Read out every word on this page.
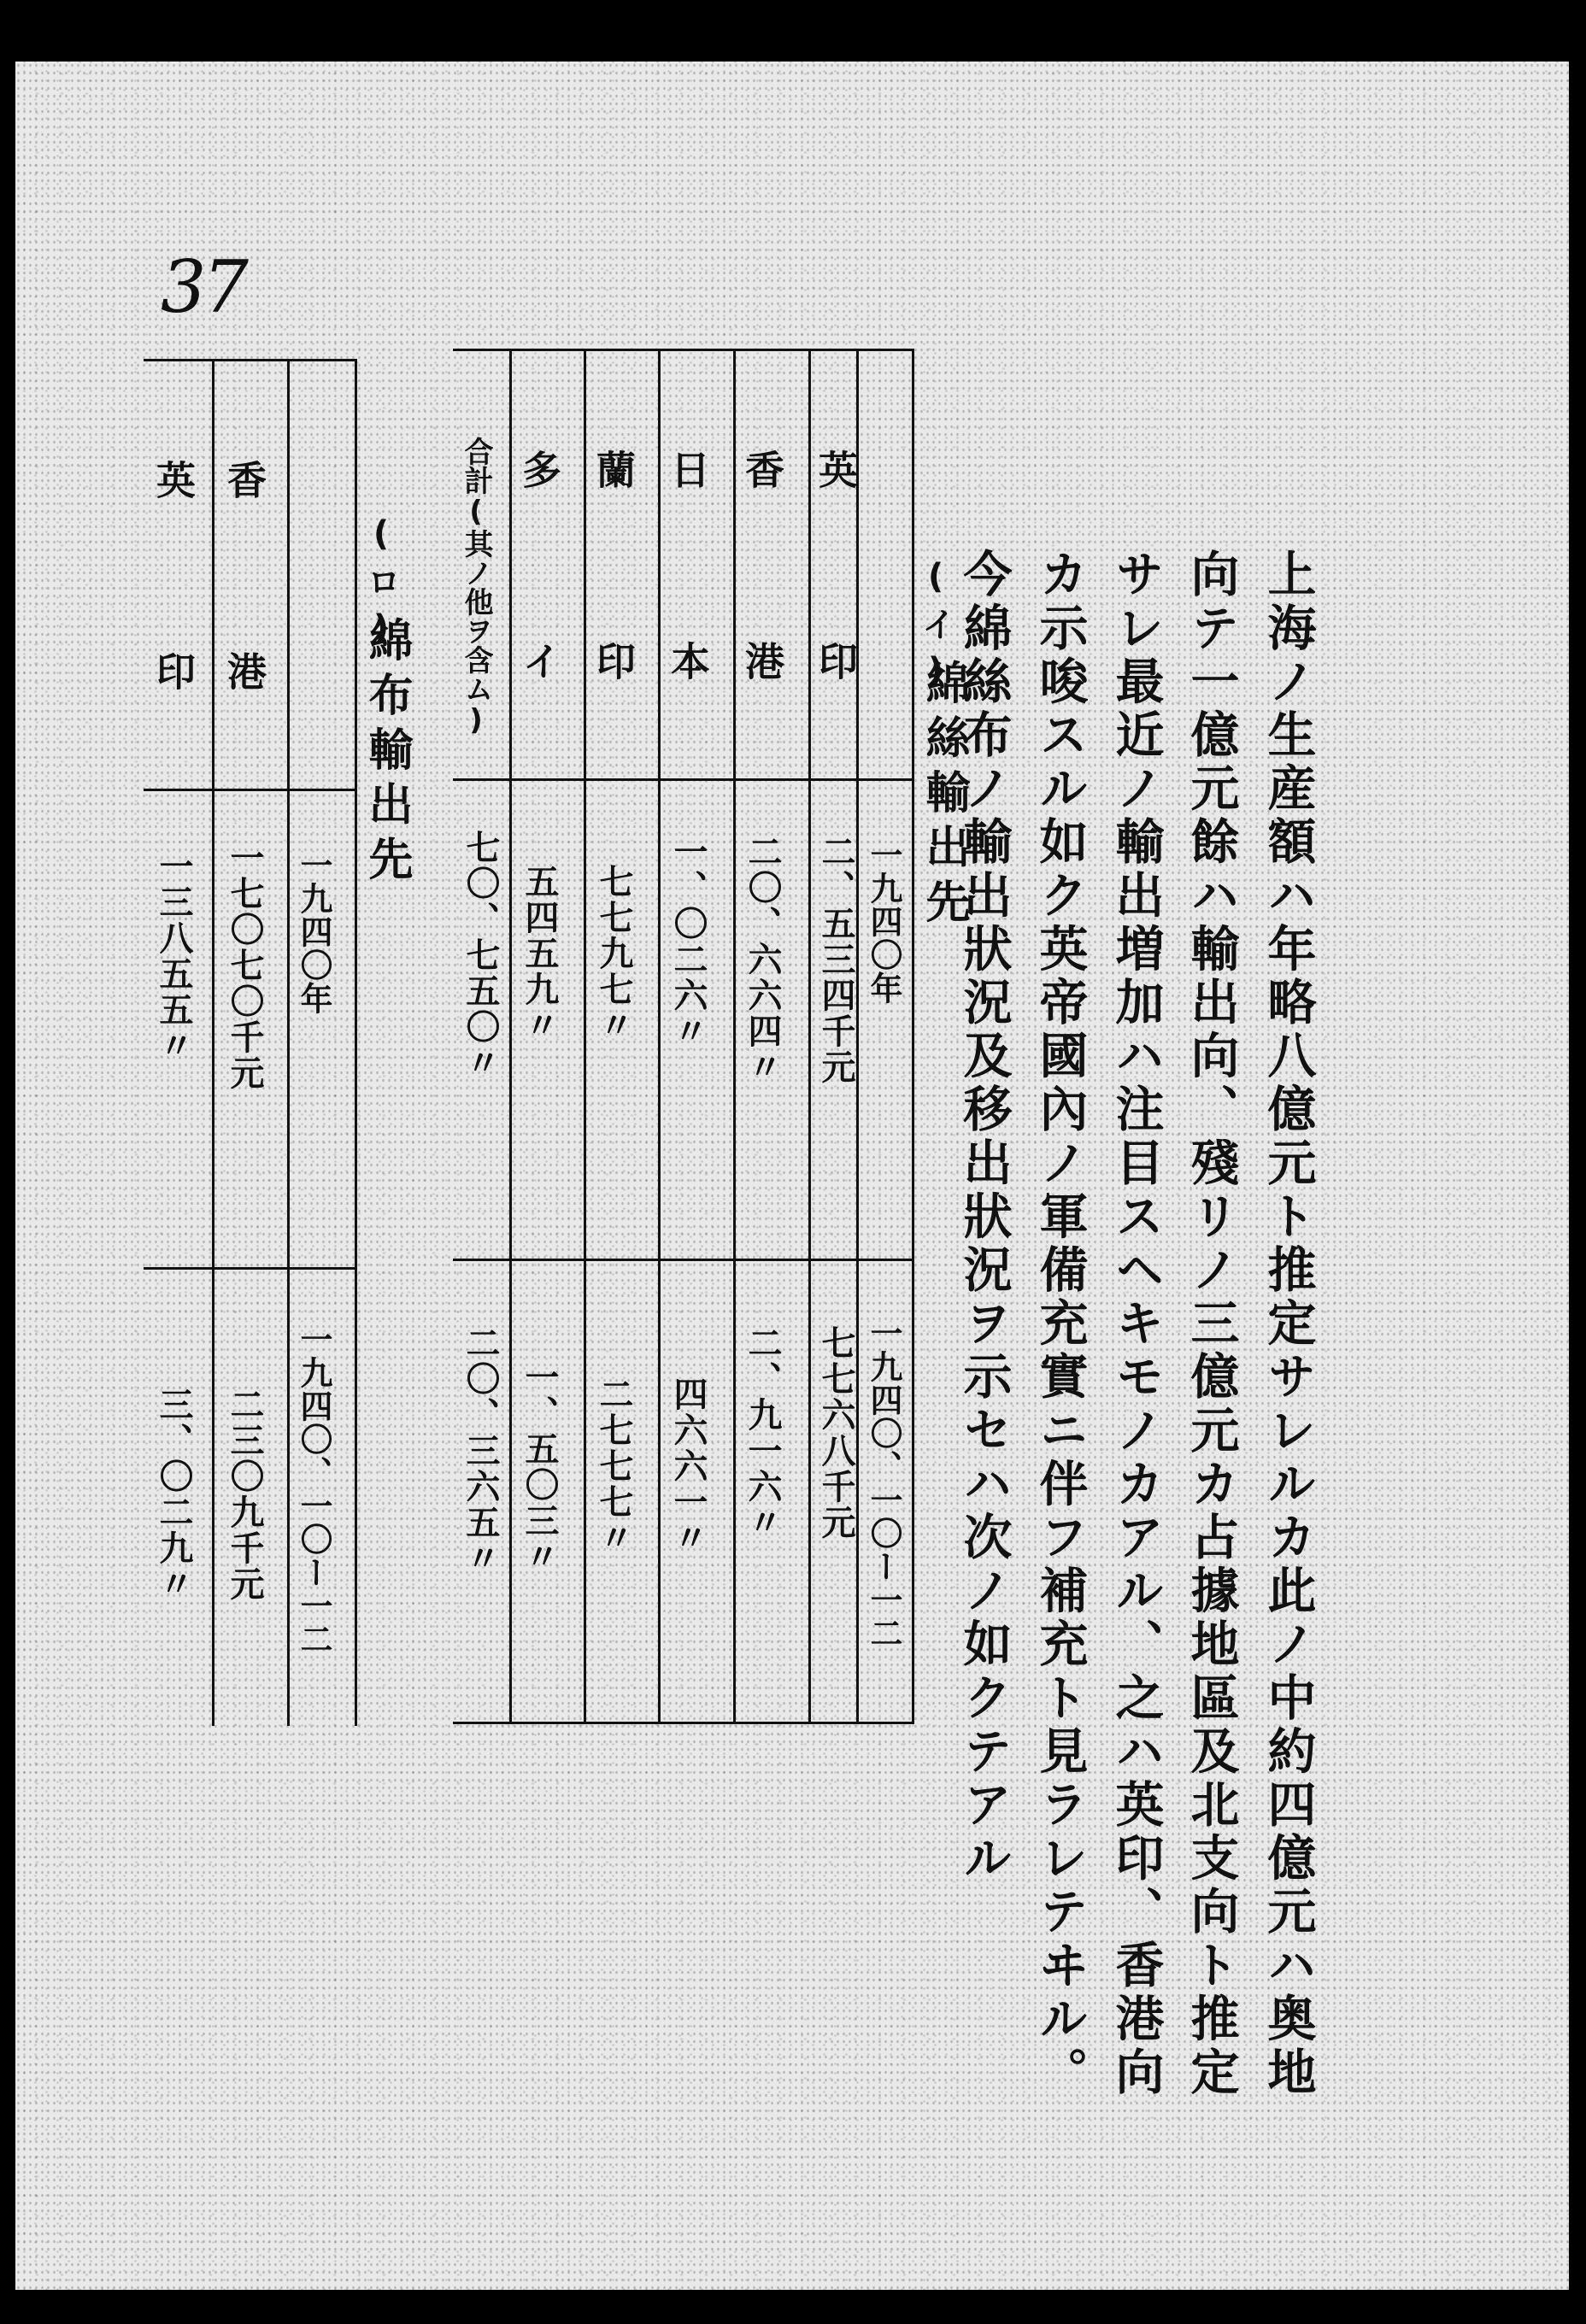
37
上海ノ生産額ハ年略八億元ト推定サレルカ此ノ中約四億元ハ奥地
向テ一億元餘ハ輸出向、殘リノ三億元カ占據地區及北支向ト推定
サレ最近ノ輸出増加ハ注目スヘキモノカアル、之ハ英印、香港向
カ示唆スル如ク英帝國內ノ軍備充實ニ伴フ補充ト見ラレテヰル。
今綿絲布ノ輸出狀況及移出狀況ヲ示セハ次ノ如クテアル
(イ)
綿絲輸出先
一九四〇年
一九四〇、一〇ー一二
英　印
二、五三四千元
七七六八千元
香　港
二〇、六六四〃
二、九一六〃
日　本
一、〇二六〃
四六六一〃
蘭　印
七七九七〃
二七七七〃
多　イ
五四五九〃
一、五〇三〃
合計(其ノ他ヲ含ム)
七〇、七五〇〃
二〇、三六五〃
(ロ)
綿布輸出先
一九四〇年
一九四〇、一〇ー一二
香　港
一七〇七〇千元
二三〇九千元
英　印
一三八五五〃
三、〇二九〃
